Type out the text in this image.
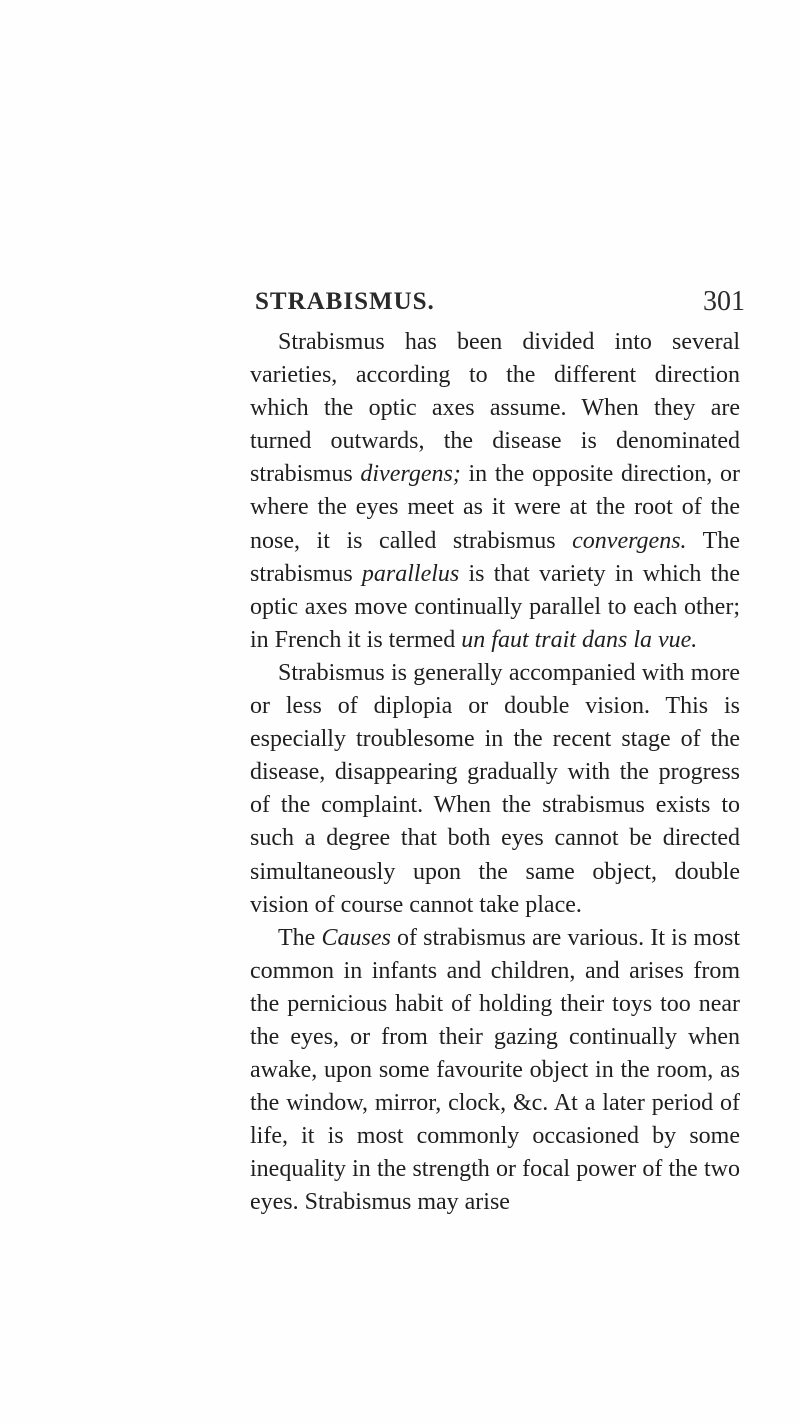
STRABISMUS.	301

Strabismus has been divided into several varieties, according to the different direction which the optic axes assume. When they are turned outwards, the disease is denominated strabismus divergens; in the opposite direction, or where the eyes meet as it were at the root of the nose, it is called strabismus convergens. The strabismus parallelus is that variety in which the optic axes move continually parallel to each other; in French it is termed un faut trait dans la vue.

Strabismus is generally accompanied with more or less of diplopia or double vision. This is especially troublesome in the recent stage of the disease, disappearing gradually with the progress of the complaint. When the strabismus exists to such a degree that both eyes cannot be directed simultaneously upon the same object, double vision of course cannot take place.

The Causes of strabismus are various. It is most common in infants and children, and arises from the pernicious habit of holding their toys too near the eyes, or from their gazing continually when awake, upon some favourite object in the room, as the window, mirror, clock, &c. At a later period of life, it is most commonly occasioned by some inequality in the strength or focal power of the two eyes. Strabismus may arise
